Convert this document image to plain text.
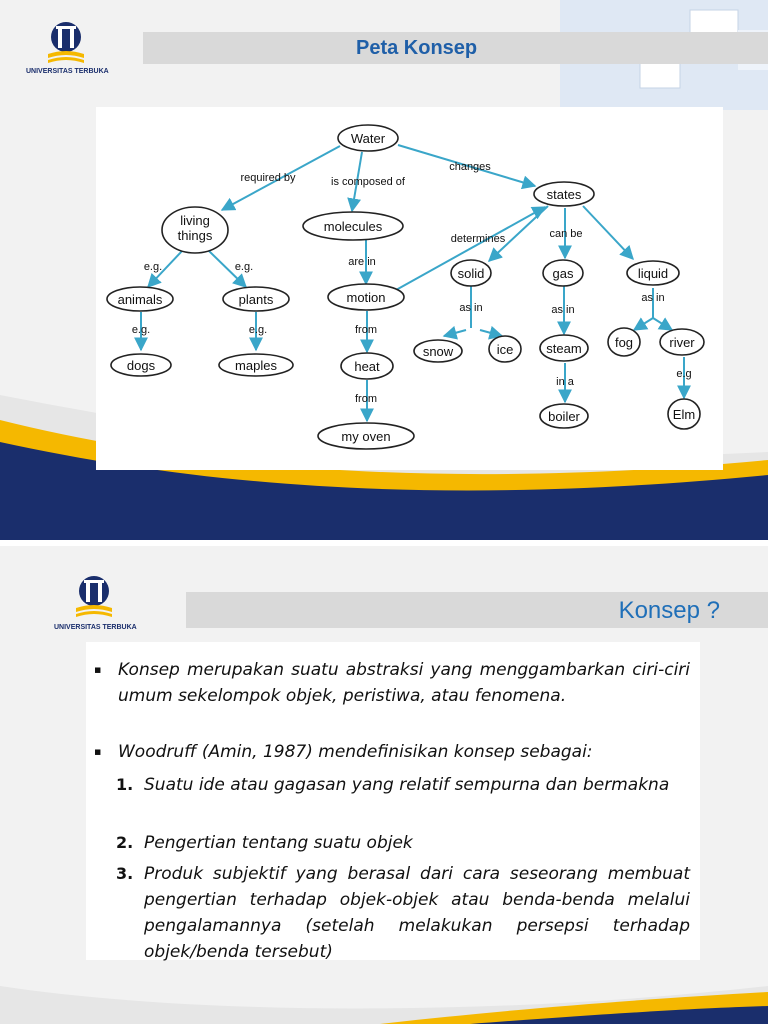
UNIVERSITAS TERBUKA
Peta Konsep
Water
living things
molecules
states
animals	plants	motion
solid	gas	liquid
dogs	maples	heat
snow	ice	steam	fog	river
my oven
boiler	Elm
required by	is composed of
changes
e.g.	e.g.
e.g.	e.g.
are in
from
from
determines	can be
as in	as in
as in
in a
e.g
UNIVERSITAS TERBUKA
Konsep ?
▪ Konsep merupakan suatu abstraksi yang menggambarkan ciri-ciri umum sekelompok objek, peristiwa, atau fenomena.
▪ Woodruff (Amin, 1987) mendefinisikan konsep sebagai:
1. Suatu ide atau gagasan yang relatif sempurna dan bermakna
2. Pengertian tentang suatu objek
3. Produk subjektif yang berasal dari cara seseorang membuat pengertian terhadap objek-objek atau benda-benda melalui pengalamannya (setelah melakukan persepsi terhadap objek/benda tersebut)
